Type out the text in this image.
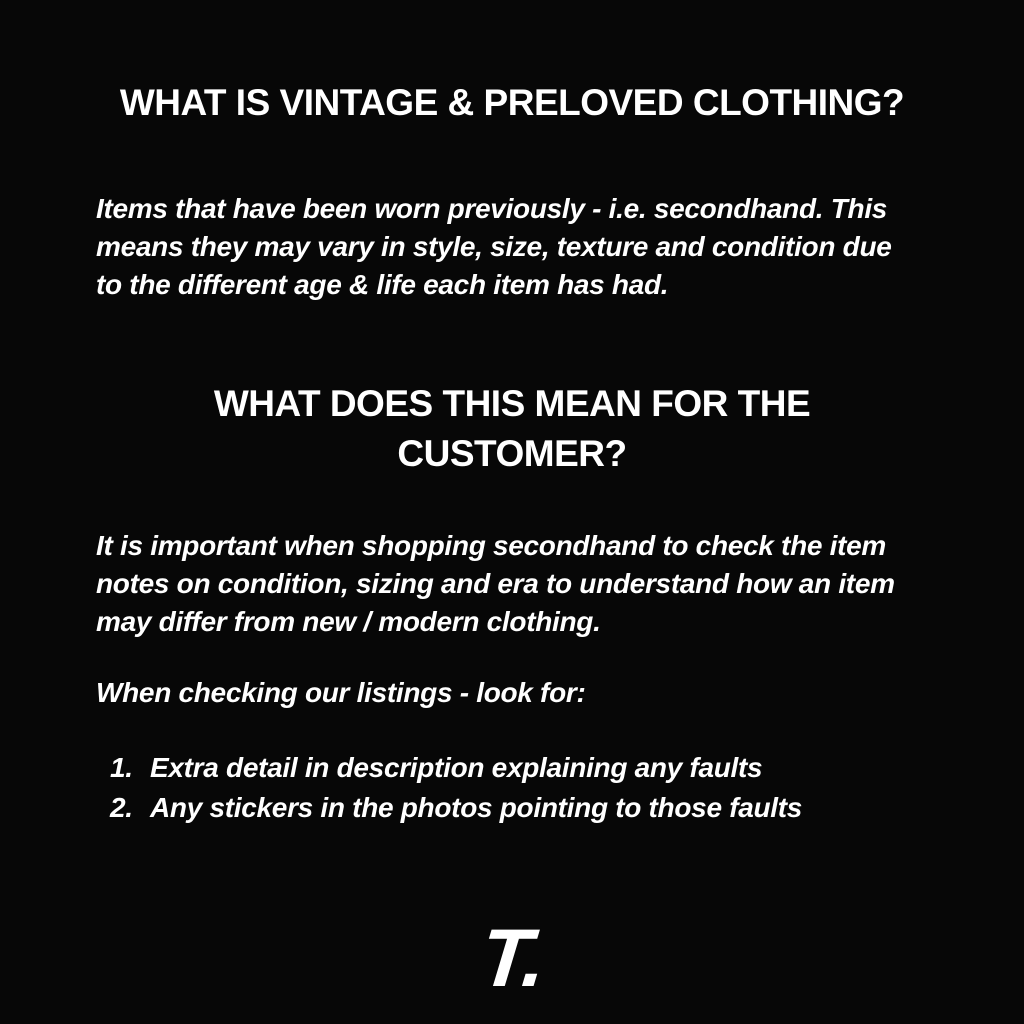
WHAT IS VINTAGE & PRELOVED CLOTHING?
Items that have been worn previously - i.e. secondhand. This
means they may vary in style, size, texture and condition due
to the different age & life each item has had.
WHAT DOES THIS MEAN FOR THE
CUSTOMER?
It is important when shopping secondhand to check the item
notes on condition, sizing and era to understand how an item
may differ from new / modern clothing.
When checking our listings - look for:
1. Extra detail in description explaining any faults
2. Any stickers in the photos pointing to those faults
T.
